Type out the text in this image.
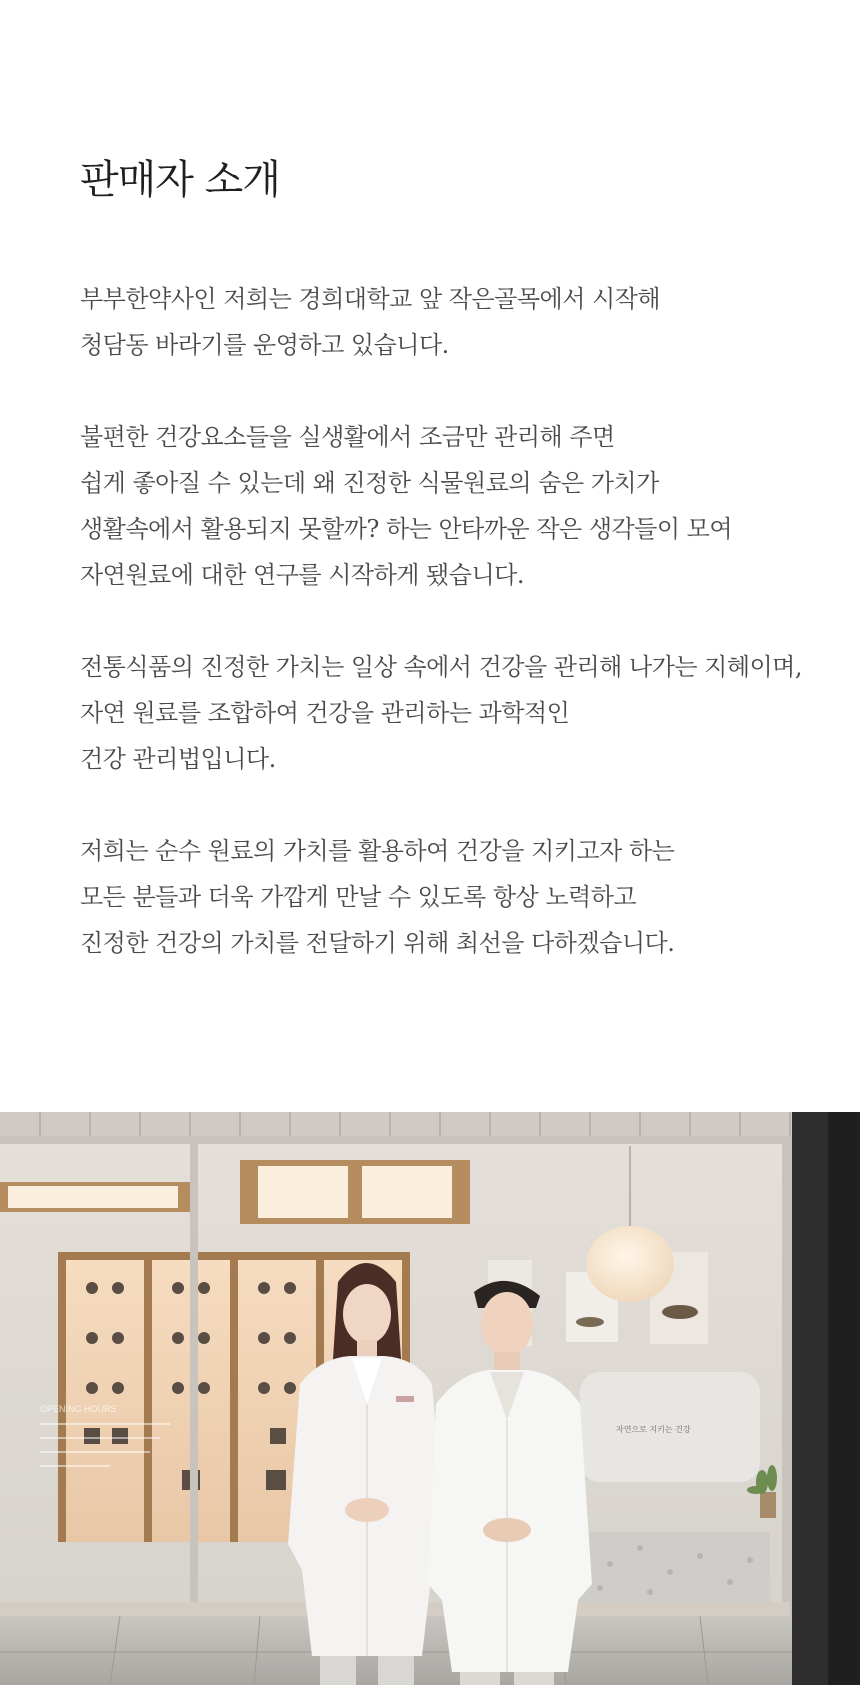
판매자 소개

부부한약사인 저희는 경희대학교 앞 작은골목에서 시작해
청담동 바라기를 운영하고 있습니다.

불편한 건강요소들을 실생활에서 조금만 관리해 주면
쉽게 좋아질 수 있는데 왜 진정한 식물원료의 숨은 가치가
생활속에서 활용되지 못할까? 하는 안타까운 작은 생각들이 모여
자연원료에 대한 연구를 시작하게 됐습니다.

전통식품의 진정한 가치는 일상 속에서 건강을 관리해 나가는 지혜이며,
자연 원료를 조합하여 건강을 관리하는 과학적인
건강 관리법입니다.

저희는 순수 원료의 가치를 활용하여 건강을 지키고자 하는
모든 분들과 더욱 가깝게 만날 수 있도록 항상 노력하고
진정한 건강의 가치를 전달하기 위해 최선을 다하겠습니다.

OPENING HOURS
자연으로 지키는 건강
